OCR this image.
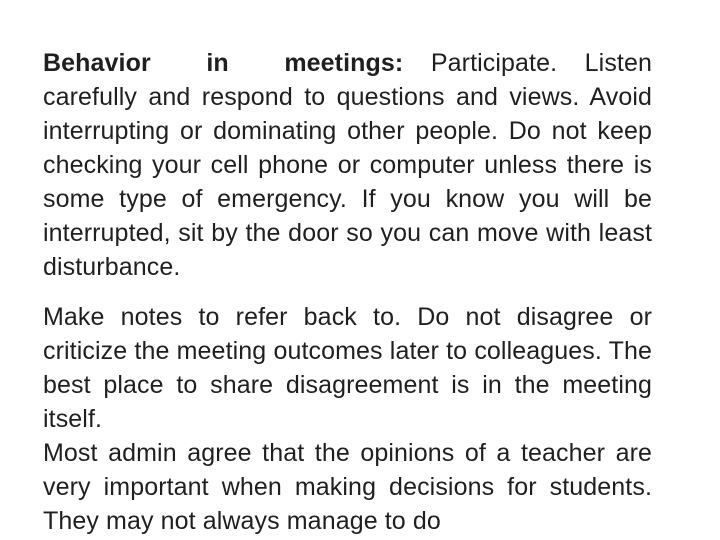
Behavior in meetings: Participate. Listen carefully and respond to questions and views. Avoid interrupting or dominating other people. Do not keep checking your cell phone or computer unless there is some type of emergency. If you know you will be interrupted, sit by the door so you can move with least disturbance.

Make notes to refer back to. Do not disagree or criticize the meeting outcomes later to colleagues. The best place to share disagreement is in the meeting itself.

Most admin agree that the opinions of a teacher are very important when making decisions for students. They may not always manage to do
